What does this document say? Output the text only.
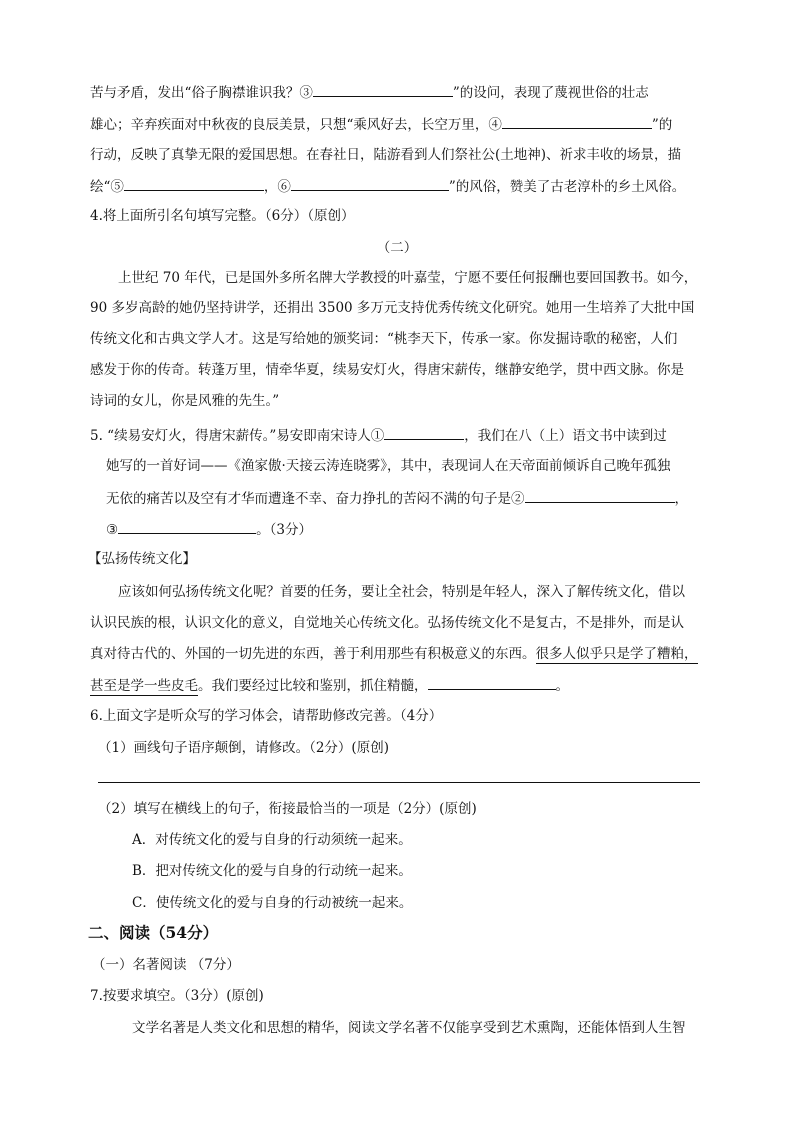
苦与矛盾，发出“俗子胸襟谁识我？③	”的设问，表现了蔑视世俗的壮志
雄心；辛弃疾面对中秋夜的良辰美景，只想“乘风好去，长空万里，④	”的
行动，反映了真挚无限的爱国思想。在春社日，陆游看到人们祭社公(土地神)、祈求丰收的场景，描
绘“⑤	，⑥	”的风俗，赞美了古老淳朴的乡土风俗。
4.将上面所引名句填写完整。（6分）（原创）
（二）
上世纪 70 年代，已是国外多所名牌大学教授的叶嘉莹，宁愿不要任何报酬也要回国教书。如今，
90 多岁高龄的她仍坚持讲学，还捐出 3500 多万元支持优秀传统文化研究。她用一生培养了大批中国
传统文化和古典文学人才。这是写给她的颁奖词：“桃李天下，传承一家。你发掘诗歌的秘密，人们
感发于你的传奇。转蓬万里，情牵华夏，续易安灯火，得唐宋薪传，继静安绝学，贯中西文脉。你是
诗词的女儿，你是风雅的先生。”
5. “续易安灯火，得唐宋薪传。”易安即南宋诗人①	，我们在八（上）语文书中读到过
她写的一首好词——《渔家傲·天接云涛连晓雾》，其中，表现词人在天帝面前倾诉自己晚年孤独
无依的痛苦以及空有才华而遭逢不幸、奋力挣扎的苦闷不满的句子是②	，
③	。（3分）
【弘扬传统文化】
应该如何弘扬传统文化呢？首要的任务，要让全社会，特别是年轻人，深入了解传统文化，借以
认识民族的根，认识文化的意义，自觉地关心传统文化。弘扬传统文化不是复古，不是排外，而是认
真对待古代的、外国的一切先进的东西，善于利用那些有积极意义的东西。很多人似乎只是学了糟粕，
甚至是学一些皮毛。我们要经过比较和鉴别，抓住精髓，	。
6.上面文字是听众写的学习体会，请帮助修改完善。（4分）
（1）画线句子语序颠倒，请修改。（2分）(原创)
（2）填写在横线上的句子，衔接最恰当的一项是（2分）(原创)
A．对传统文化的爱与自身的行动须统一起来。
B．把对传统文化的爱与自身的行动统一起来。
C．使传统文化的爱与自身的行动被统一起来。
二、阅读（54分）
（一）名著阅读 （7分）
7.按要求填空。（3分）(原创)
文学名著是人类文化和思想的精华，阅读文学名著不仅能享受到艺术熏陶，还能体悟到人生智
